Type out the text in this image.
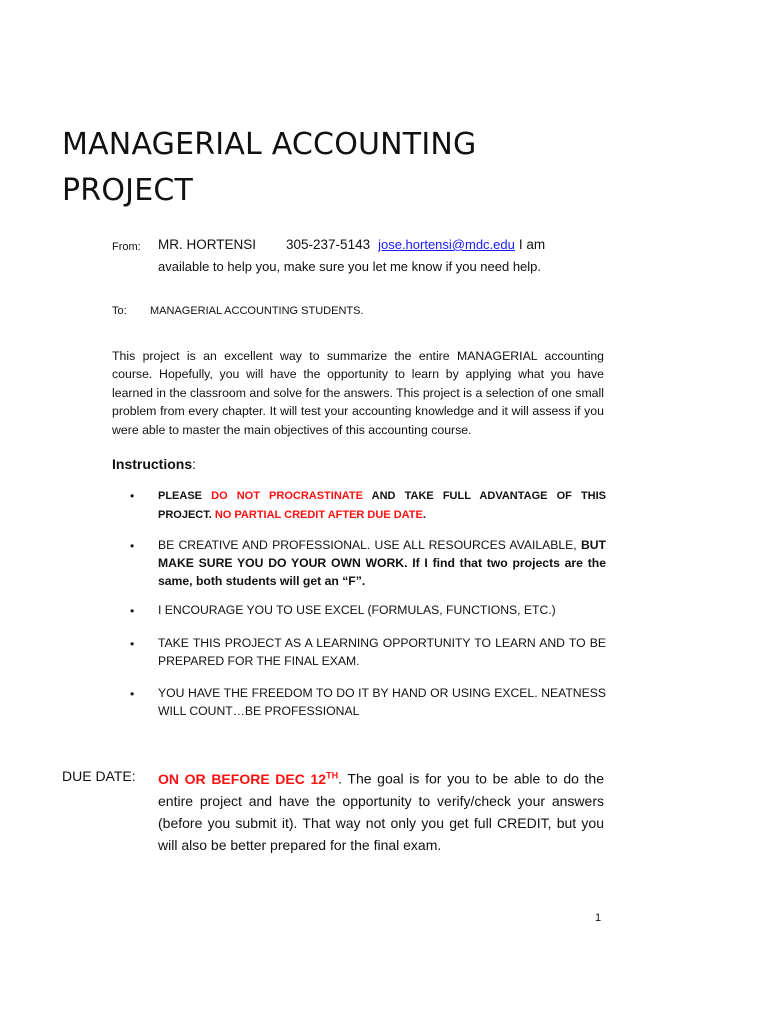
MANAGERIAL ACCOUNTING
PROJECT
From: MR. HORTENSI 305-237-5143 jose.hortensi@mdc.edu I am
available to help you, make sure you let me know if you need help.
To: MANAGERIAL ACCOUNTING STUDENTS.

This project is an excellent way to summarize the entire MANAGERIAL accounting course. Hopefully, you will have the opportunity to learn by applying what you have learned in the classroom and solve for the answers. This project is a selection of one small problem from every chapter. It will test your accounting knowledge and it will assess if you were able to master the main objectives of this accounting course.

Instructions:
• PLEASE DO NOT PROCRASTINATE AND TAKE FULL ADVANTAGE OF THIS PROJECT. NO PARTIAL CREDIT AFTER DUE DATE.
• BE CREATIVE AND PROFESSIONAL. USE ALL RESOURCES AVAILABLE, BUT MAKE SURE YOU DO YOUR OWN WORK. If I find that two projects are the same, both students will get an “F”.
• I ENCOURAGE YOU TO USE EXCEL (FORMULAS, FUNCTIONS, ETC.)
• TAKE THIS PROJECT AS A LEARNING OPPORTUNITY TO LEARN AND TO BE PREPARED FOR THE FINAL EXAM.
• YOU HAVE THE FREEDOM TO DO IT BY HAND OR USING EXCEL. NEATNESS WILL COUNT…BE PROFESSIONAL
DUE DATE: ON OR BEFORE DEC 12TH. The goal is for you to be able to do the entire project and have the opportunity to verify/check your answers (before you submit it). That way not only you get full CREDIT, but you will also be better prepared for the final exam.

1
